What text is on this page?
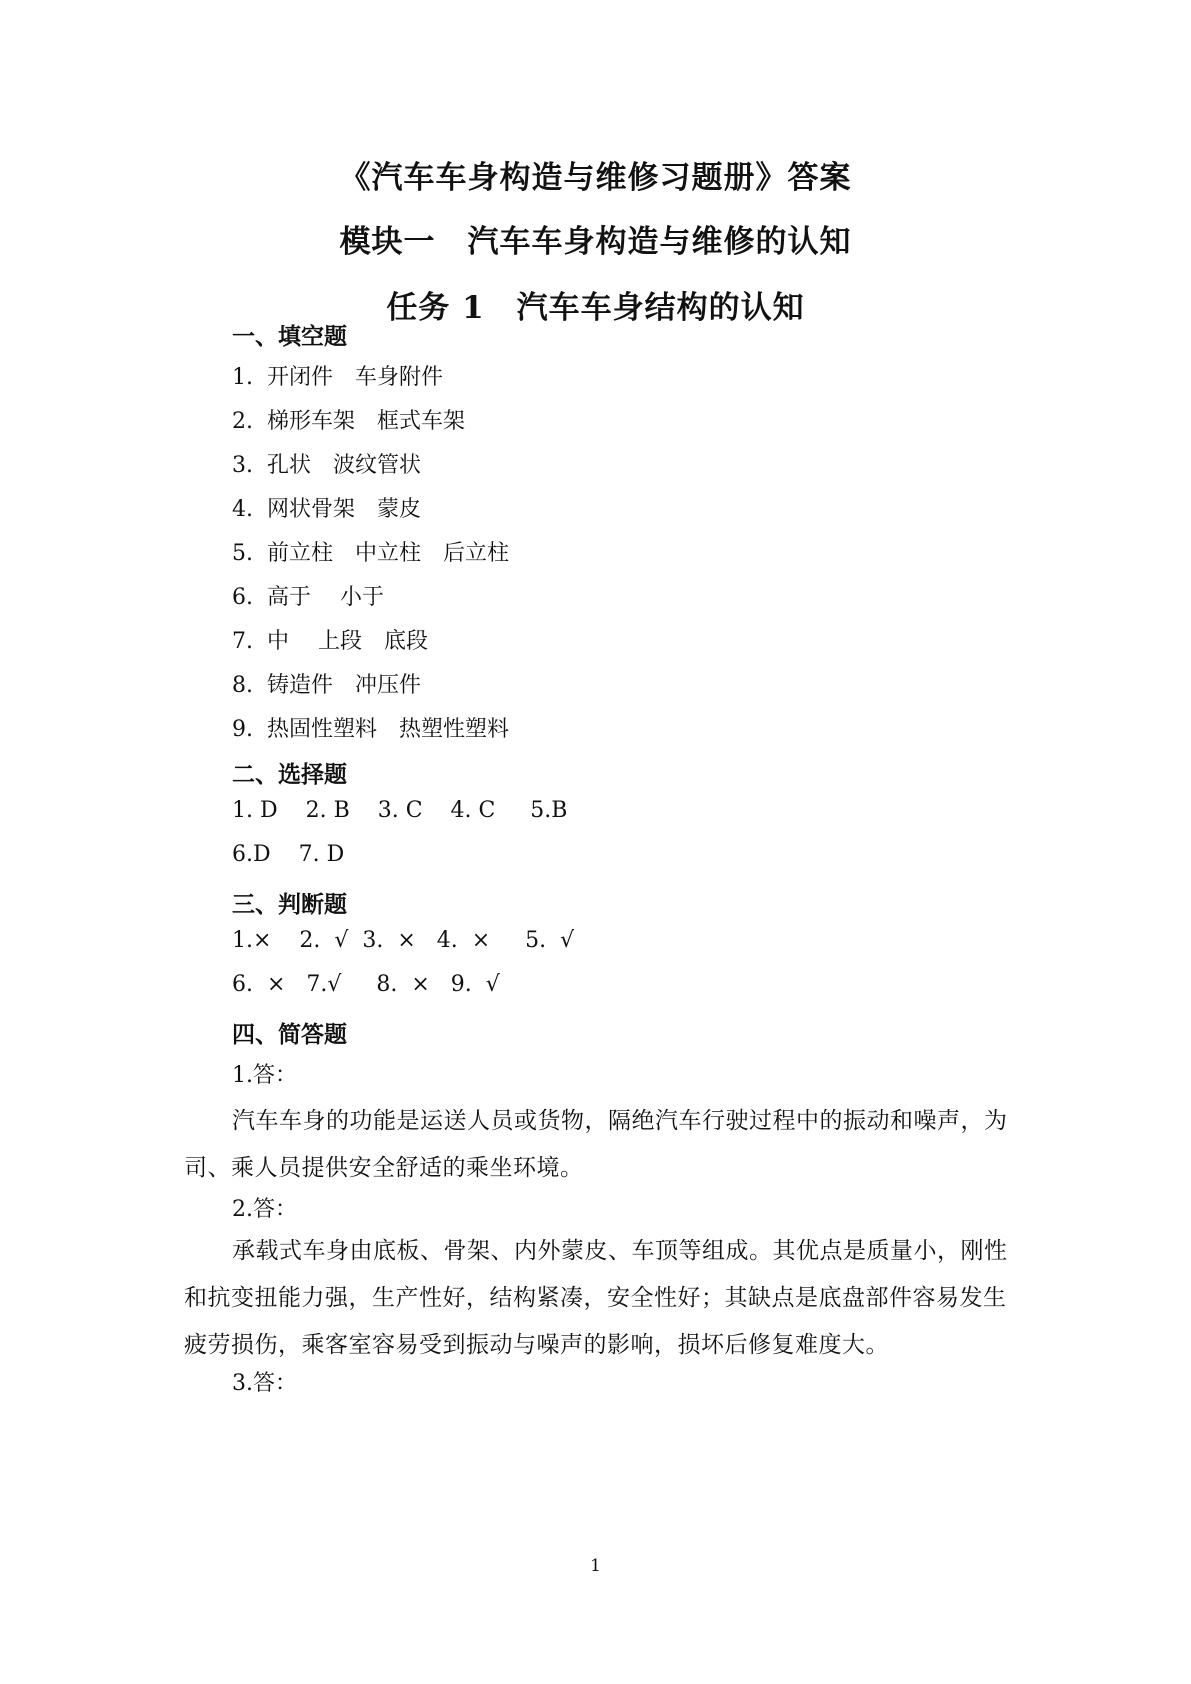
《汽车车身构造与维修习题册》答案
模块一　汽车车身构造与维修的认知
任务 1　汽车车身结构的认知
一、填空题
1.  开闭件　车身附件
2.  梯形车架　框式车架
3.  孔状　波纹管状
4.  网状骨架　蒙皮
5.  前立柱　中立柱　后立柱
6.  高于　 小于
7.  中　 上段　底段
8.  铸造件　冲压件
9.  热固性塑料　热塑性塑料
二、选择题
1. D    2. B    3. C    4. C     5.B
6.D    7. D
三、判断题
1.×    2.  √  3.  ×   4.  ×     5.  √
6.  ×   7.√     8.  ×   9.  √
四、简答题
1.答：
汽车车身的功能是运送人员或货物，隔绝汽车行驶过程中的振动和噪声，为司、乘人员提供安全舒适的乘坐环境。
2.答：
承载式车身由底板、骨架、内外蒙皮、车顶等组成。其优点是质量小，刚性和抗变扭能力强，生产性好，结构紧凑，安全性好；其缺点是底盘部件容易发生疲劳损伤，乘客室容易受到振动与噪声的影响，损坏后修复难度大。
3.答：
1
